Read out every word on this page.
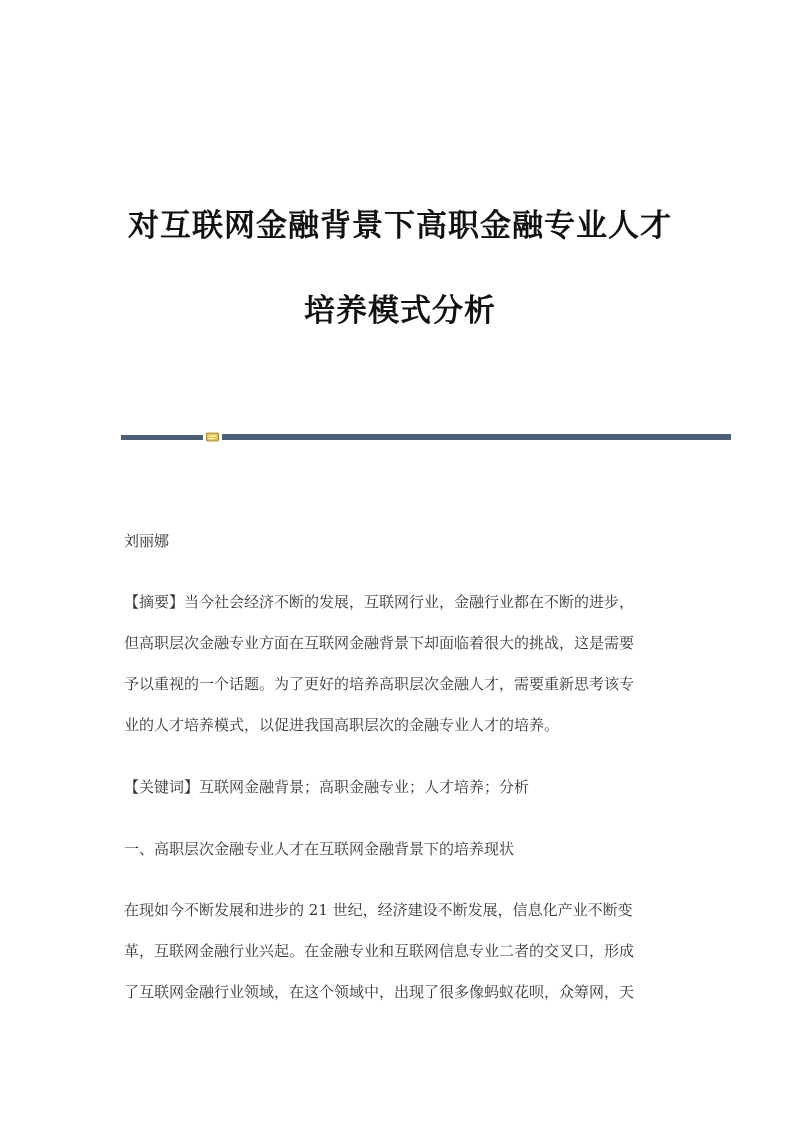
对互联网金融背景下高职金融专业人才
培养模式分析
刘丽娜
【摘要】当今社会经济不断的发展，互联网行业，金融行业都在不断的进步，
但高职层次金融专业方面在互联网金融背景下却面临着很大的挑战，这是需要
予以重视的一个话题。为了更好的培养高职层次金融人才，需要重新思考该专
业的人才培养模式，以促进我国高职层次的金融专业人才的培养。
【关键词】互联网金融背景；高职金融专业；人才培养；分析
一、高职层次金融专业人才在互联网金融背景下的培养现状
在现如今不断发展和进步的 21 世纪，经济建设不断发展，信息化产业不断变
革，互联网金融行业兴起。在金融专业和互联网信息专业二者的交叉口，形成
了互联网金融行业领域，在这个领域中，出现了很多像蚂蚁花呗，众筹网，天
